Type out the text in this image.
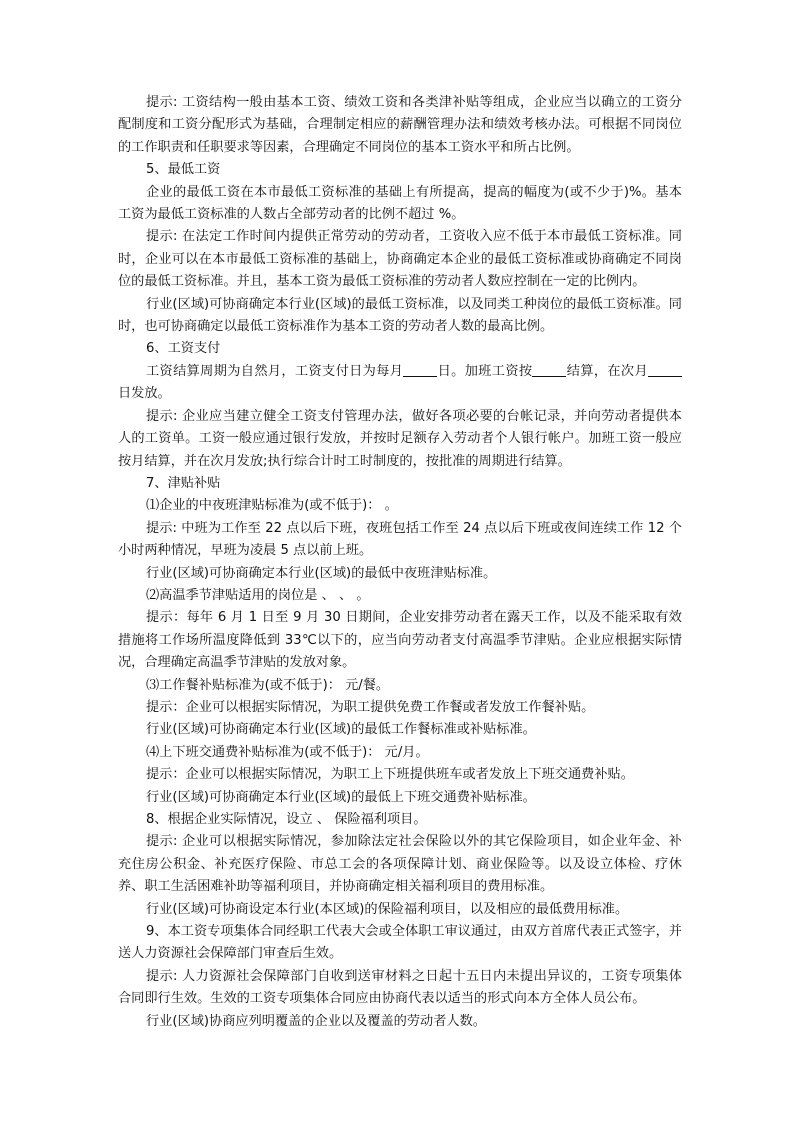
提示: 工资结构一般由基本工资、绩效工资和各类津补贴等组成，企业应当以确立的工资分配制度和工资分配形式为基础，合理制定相应的薪酬管理办法和绩效考核办法。可根据不同岗位的工作职责和任职要求等因素，合理确定不同岗位的基本工资水平和所占比例。

5、最低工资

企业的最低工资在本市最低工资标准的基础上有所提高，提高的幅度为(或不少于)%。基本工资为最低工资标准的人数占全部劳动者的比例不超过 %。

提示: 在法定工作时间内提供正常劳动的劳动者，工资收入应不低于本市最低工资标准。同时，企业可以在本市最低工资标准的基础上，协商确定本企业的最低工资标准或协商确定不同岗位的最低工资标准。并且，基本工资为最低工资标准的劳动者人数应控制在一定的比例内。

行业(区域)可协商确定本行业(区域)的最低工资标准，以及同类工种岗位的最低工资标准。同时，也可协商确定以最低工资标准作为基本工资的劳动者人数的最高比例。

6、工资支付

工资结算周期为自然月，工资支付日为每月	日。加班工资按	结算，在次月日发放。

提示: 企业应当建立健全工资支付管理办法，做好各项必要的台帐记录，并向劳动者提供本人的工资单。工资一般应通过银行发放，并按时足额存入劳动者个人银行帐户。加班工资一般应按月结算，并在次月发放;执行综合计时工时制度的，按批准的周期进行结算。

7、津贴补贴

⑴企业的中夜班津贴标准为(或不低于)： 。

提示: 中班为工作至 22 点以后下班，夜班包括工作至 24 点以后下班或夜间连续工作 12 个小时两种情况，早班为凌晨 5 点以前上班。

行业(区域)可协商确定本行业(区域)的最低中夜班津贴标准。

⑵高温季节津贴适用的岗位是 、 、 。

提示：每年 6 月 1 日至 9 月 30 日期间，企业安排劳动者在露天工作，以及不能采取有效措施将工作场所温度降低到 33℃以下的，应当向劳动者支付高温季节津贴。企业应根据实际情况，合理确定高温季节津贴的发放对象。

⑶工作餐补贴标准为(或不低于)： 元/餐。

提示：企业可以根据实际情况，为职工提供免费工作餐或者发放工作餐补贴。

行业(区域)可协商确定本行业(区域)的最低工作餐标准或补贴标准。

⑷上下班交通费补贴标准为(或不低于)： 元/月。

提示：企业可以根据实际情况，为职工上下班提供班车或者发放上下班交通费补贴。

行业(区域)可协商确定本行业(区域)的最低上下班交通费补贴标准。

8、根据企业实际情况，设立 、 保险福利项目。

提示: 企业可以根据实际情况，参加除法定社会保险以外的其它保险项目，如企业年金、补充住房公积金、补充医疗保险、市总工会的各项保障计划、商业保险等。以及设立体检、疗休养、职工生活困难补助等福利项目，并协商确定相关福利项目的费用标准。

行业(区域)可协商设定本行业(本区域)的保险福利项目，以及相应的最低费用标准。

9、本工资专项集体合同经职工代表大会或全体职工审议通过，由双方首席代表正式签字，并送人力资源社会保障部门审查后生效。

提示: 人力资源社会保障部门自收到送审材料之日起十五日内未提出异议的，工资专项集体合同即行生效。生效的工资专项集体合同应由协商代表以适当的形式向本方全体人员公布。

行业(区域)协商应列明覆盖的企业以及覆盖的劳动者人数。
